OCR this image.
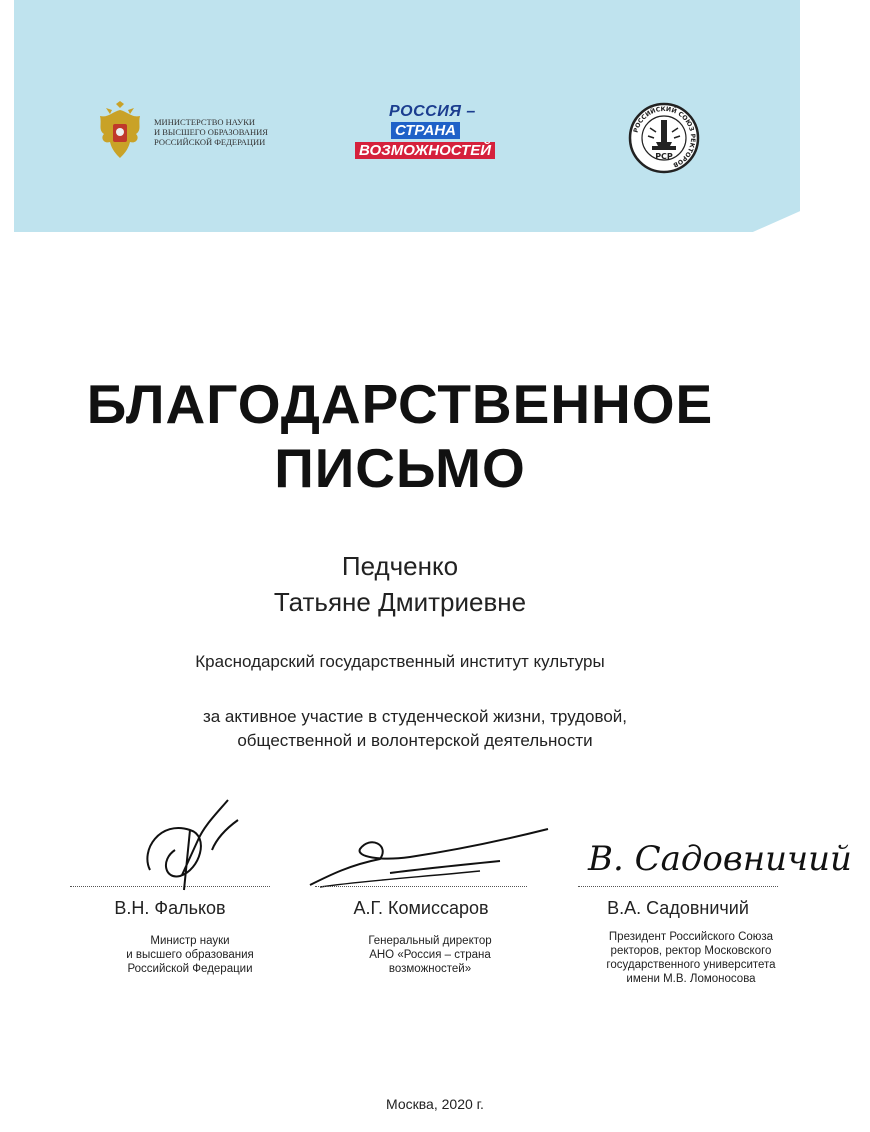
МИНИСТЕРСТВО НАУКИ
И ВЫСШЕГО ОБРАЗОВАНИЯ
РОССИЙСКОЙ ФЕДЕРАЦИИ
РОССИЯ –
СТРАНА
ВОЗМОЖНОСТЕЙ
РОССИЙСКИЙ СОЮЗ РЕКТОРОВ
РСР
БЛАГОДАРСТВЕННОЕ
ПИСЬМО
Педченко
Татьяне Дмитриевне
Краснодарский государственный институт культуры
за активное участие в студенческой жизни, трудовой,
общественной и волонтерской деятельности
В. Садовничий
В.Н. Фальков	А.Г. Комиссаров	В.А. Садовничий
Министр науки
и высшего образования
Российской Федерации
Генеральный директор
АНО «Россия – страна
возможностей»
Президент Российского Союза
ректоров, ректор Московского
государственного университета
имени М.В. Ломоносова
Москва, 2020 г.
